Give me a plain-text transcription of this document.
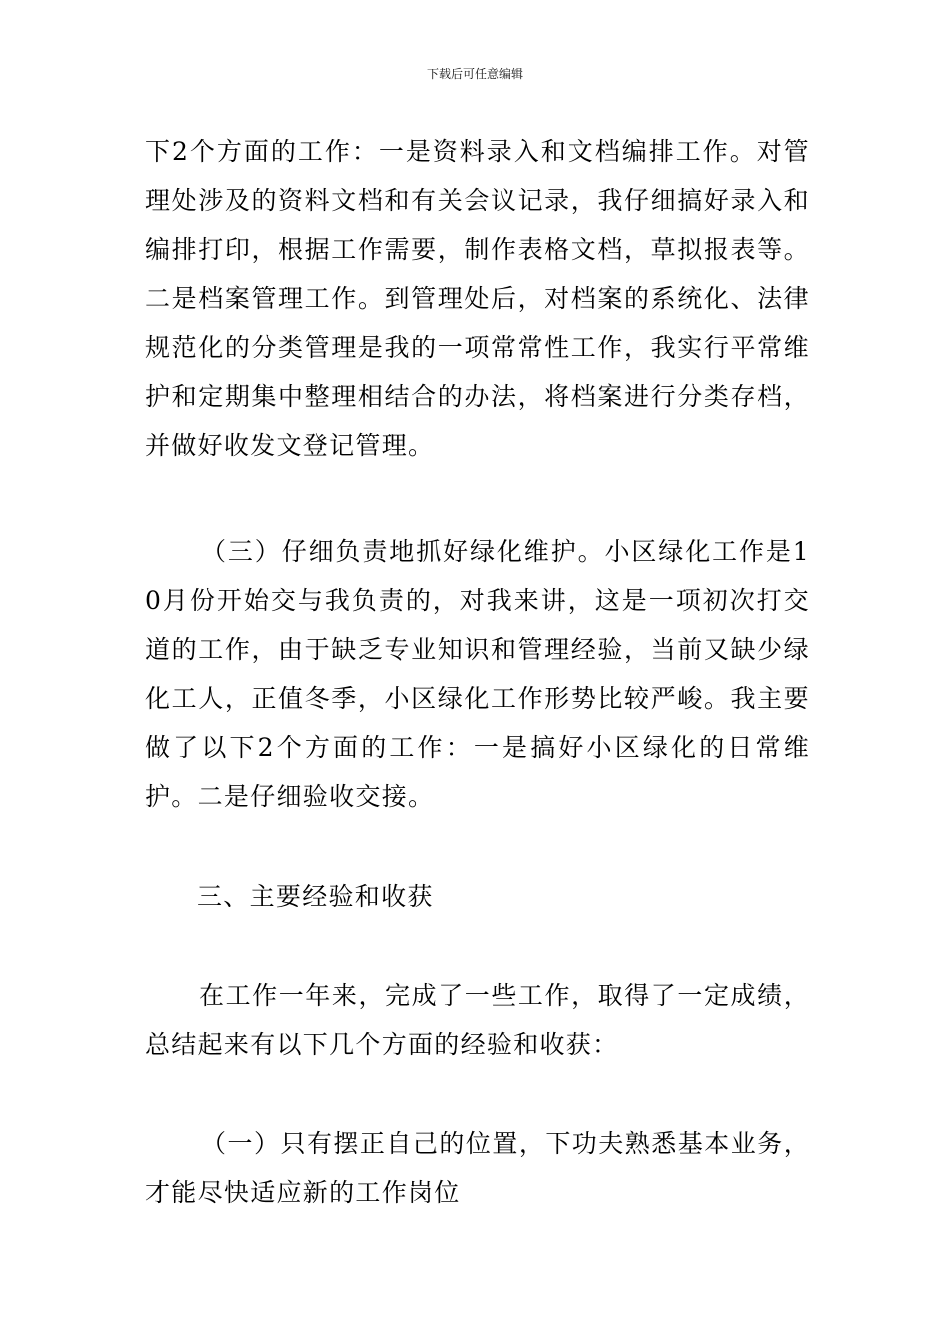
下载后可任意编辑
下2个方面的工作：一是资料录入和文档编排工作。对管理处涉及的资料文档和有关会议记录，我仔细搞好录入和编排打印，根据工作需要，制作表格文档，草拟报表等。二是档案管理工作。到管理处后，对档案的系统化、法律规范化的分类管理是我的一项常常性工作，我实行平常维护和定期集中整理相结合的办法，将档案进行分类存档，并做好收发文登记管理。
（三）仔细负责地抓好绿化维护。小区绿化工作是10月份开始交与我负责的，对我来讲，这是一项初次打交道的工作，由于缺乏专业知识和管理经验，当前又缺少绿化工人，正值冬季，小区绿化工作形势比较严峻。我主要做了以下2个方面的工作：一是搞好小区绿化的日常维护。二是仔细验收交接。
三、主要经验和收获
在工作一年来，完成了一些工作，取得了一定成绩，总结起来有以下几个方面的经验和收获：
（一）只有摆正自己的位置，下功夫熟悉基本业务，才能尽快适应新的工作岗位
